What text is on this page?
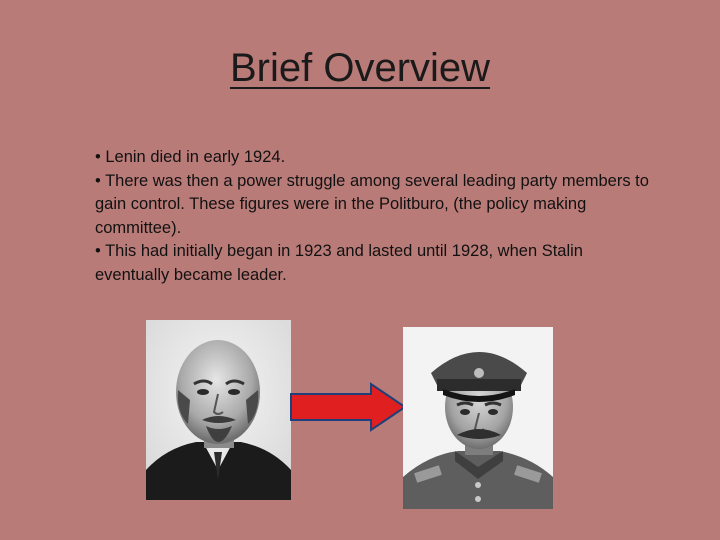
Brief Overview
• Lenin died in early 1924.
• There was then a power struggle among several leading party members to gain control. These figures were in the Politburo, (the policy making committee).
• This had initially began in 1923 and lasted until 1928, when Stalin eventually became leader.
